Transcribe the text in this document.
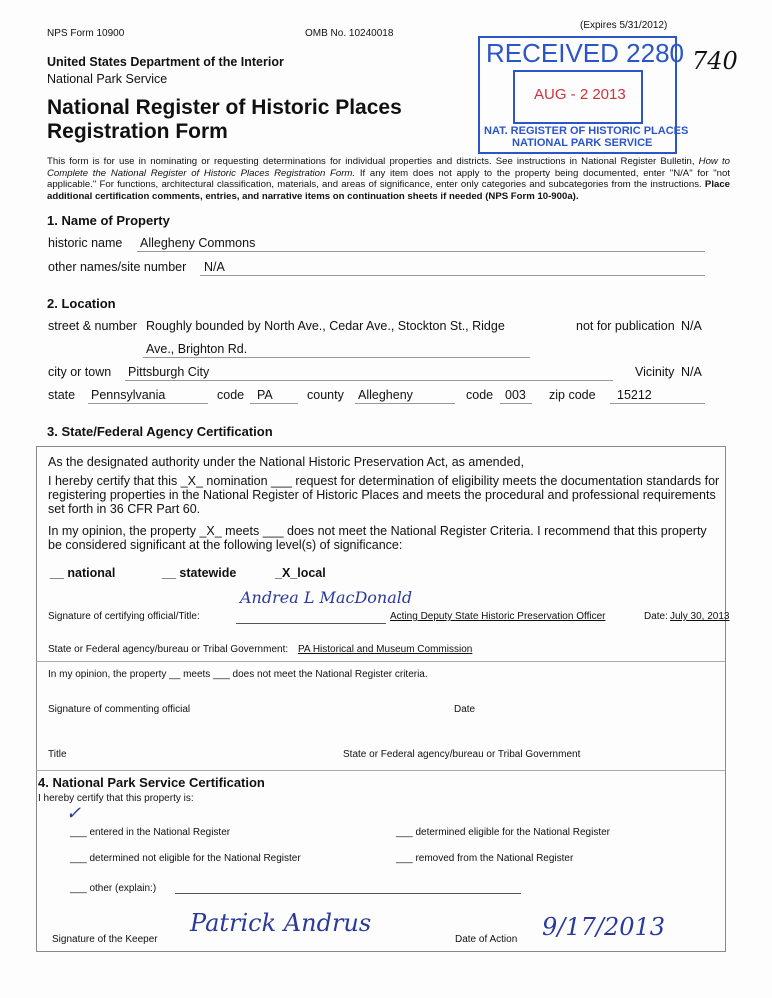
NPS Form 10900	OMB No. 10240018
(Expires 5/31/2012)
RECEIVED 2280
AUG - 2 2013
NAT. REGISTER OF HISTORIC PLACES
NATIONAL PARK SERVICE
740
United States Department of the Interior
National Park Service
National Register of Historic Places
Registration Form
This form is for use in nominating or requesting determinations for individual properties and districts. See instructions in National Register Bulletin, How to Complete the National Register of Historic Places Registration Form. If any item does not apply to the property being documented, enter "N/A" for "not applicable." For functions, architectural classification, materials, and areas of significance, enter only categories and subcategories from the instructions. Place additional certification comments, entries, and narrative items on continuation sheets if needed (NPS Form 10-900a).
1. Name of Property
historic name Allegheny Commons
other names/site number N/A
2. Location
street & number Roughly bounded by North Ave., Cedar Ave., Stockton St., Ridge	not for publication N/A
Ave., Brighton Rd.
city or town Pittsburgh City	Vicinity N/A
state Pennsylvania	code PA	county Allegheny	code 003 zip code 15212
3. State/Federal Agency Certification
As the designated authority under the National Historic Preservation Act, as amended,
I hereby certify that this _X_ nomination ___ request for determination of eligibility meets the documentation standards for registering properties in the National Register of Historic Places and meets the procedural and professional requirements set forth in 36 CFR Part 60.
In my opinion, the property _X_ meets ___ does not meet the National Register Criteria. I recommend that this property be considered significant at the following level(s) of significance:
__ national	__ statewide	_X_local
Andrea L MacDonald
Signature of certifying official/Title:	Acting Deputy State Historic Preservation Officer	Date: July 30, 2013
State or Federal agency/bureau or Tribal Government: PA Historical and Museum Commission
In my opinion, the property __ meets ___ does not meet the National Register criteria.
Signature of commenting official	Date
Title	State or Federal agency/bureau or Tribal Government
4. National Park Service Certification
I hereby certify that this property is:
✓
___ entered in the National Register	___ determined eligible for the National Register
___ determined not eligible for the National Register	___ removed from the National Register
___ other (explain:)
Signature of the Keeper
Patrick Andrus
Date of Action 9/17/2013
